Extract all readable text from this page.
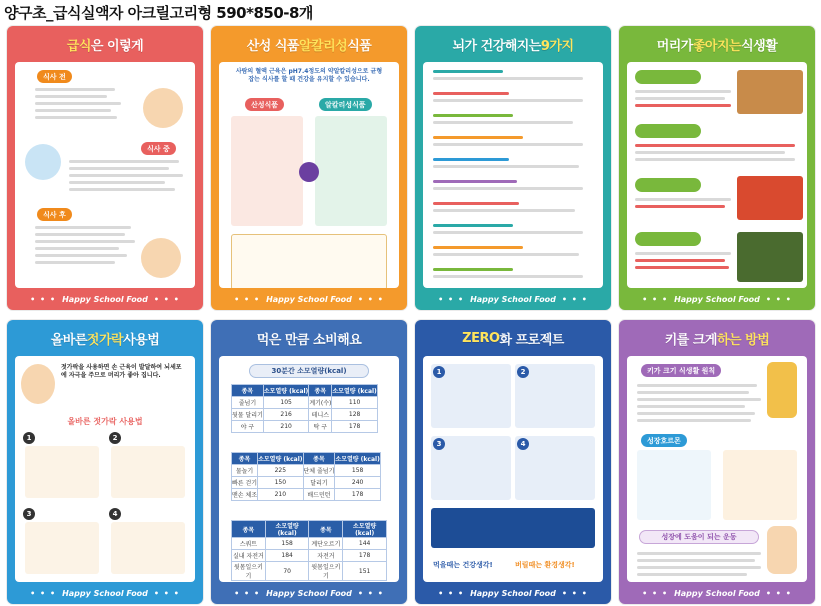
양구초_급식실액자 아크릴고리형 590*850-8개
급식 은 이렇게
식사 전
식사 중
식사 후
• • • Happy School Food • • •
산성 식품 알칼리성 식품
사람의 혈액 근육은 pH7.4정도의 약알칼리성으로 균형잡는 식사를 할 때 건강을 유지할 수 있습니다.
산성식품	알칼리성식품
• • • Happy School Food • • •
뇌가 건강해지는 9가지
• • • Happy School Food • • •
머리가 좋아지는 식생활
• • • Happy School Food • • •
올바른 젓가락 사용법
젓가락을 사용하면 손 근육이 발달하여 뇌세포에 자극을 주므로 머리가 좋아 집니다.
올바른 젓가락 사용법
1	2
3	4
• • • Happy School Food • • •
먹은 만큼 소비해요
30분간 소모열량(kcal)
종목	소모열량 (kcal)	종목	소모열량 (kcal)
줄넘기	105	계기(수)	110
뒷물 달리기	216	테니스	128
야 구	210	탁 구	178
종목	소모열량 (kcal)	종목	소모열량 (kcal)
물놀기	225	단체 줄넘기	158
빠른 걷기	150	달리기	240
맨손 체조	210	배드민턴	178
종목	소모열량 (kcal)	종목	소모열량 (kcal)
스쿼트	158	계단오르기	144
실내 자전거	184	자전거	178
윗몸일으키기	70	윗몸일으키기	151
• • • Happy School Food • • •
ZERO 화 프로젝트
1	2
3	4
먹을때는 건강생각!	버릴때는 환경생각!
• • • Happy School Food • • •
키를 크게 하는 방법
키가 크기 식생활 원칙
성장호르몬
성장에 도움이 되는 운동
• • • Happy School Food • • •
